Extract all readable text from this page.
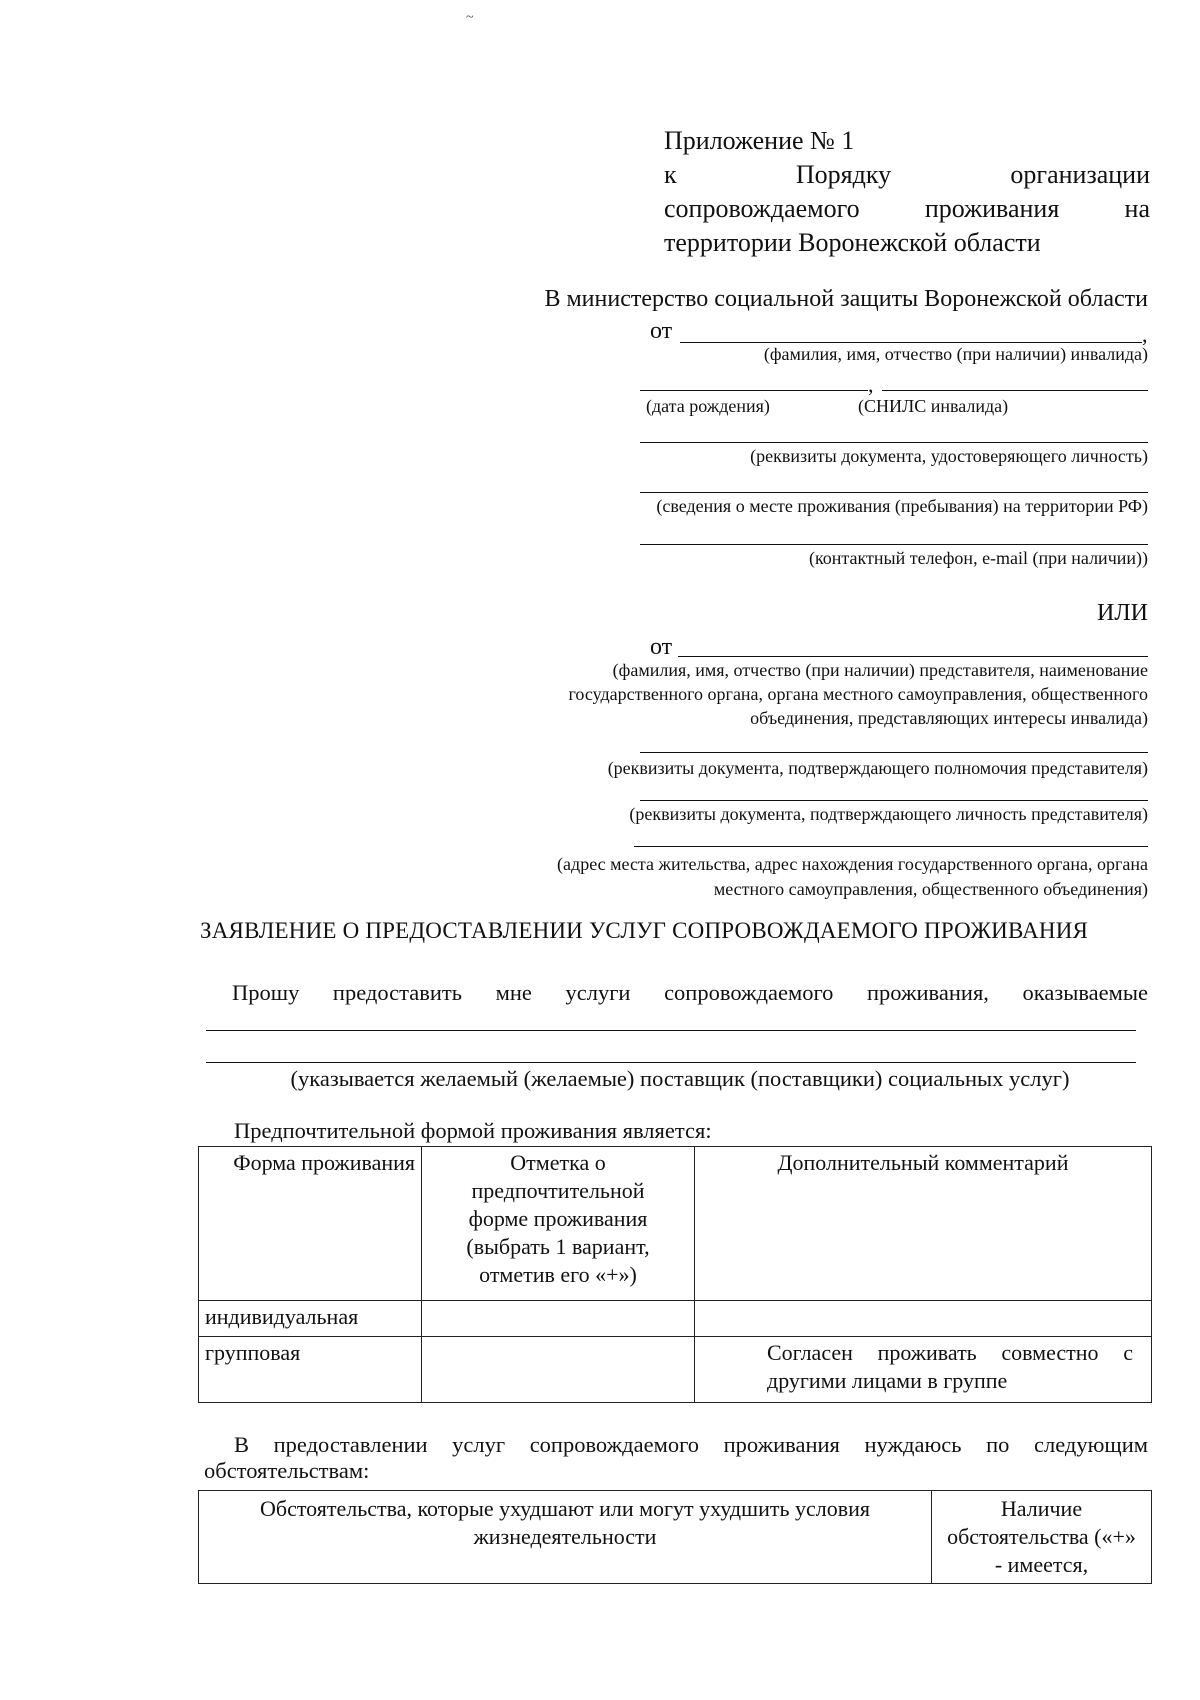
~
Приложение № 1
к	Порядку	организации
сопровождаемого	проживания	на
территории Воронежской области
В министерство социальной защиты Воронежской области
от	,
(фамилия, имя, отчество (при наличии) инвалида)
,
(дата рождения)	(СНИЛС инвалида)
(реквизиты документа, удостоверяющего личность)
(сведения о месте проживания (пребывания) на территории РФ)
(контактный телефон, e-mail (при наличии))
ИЛИ
от
(фамилия, имя, отчество (при наличии) представителя, наименование
государственного органа, органа местного самоуправления, общественного
объединения, представляющих интересы инвалида)
(реквизиты документа, подтверждающего полномочия представителя)
(реквизиты документа, подтверждающего личность представителя)
(адрес места жительства, адрес нахождения государственного органа, органа
местного самоуправления, общественного объединения)
ЗАЯВЛЕНИЕ О ПРЕДОСТАВЛЕНИИ УСЛУГ СОПРОВОЖДАЕМОГО ПРОЖИВАНИЯ
Прошу предоставить мне услуги сопровождаемого проживания, оказываемые
(указывается желаемый (желаемые) поставщик (поставщики) социальных услуг)
Предпочтительной формой проживания является:
Форма проживания	Отметка о предпочтительной форме проживания (выбрать 1 вариант, отметив его «+»)	Дополнительный комментарий
индивидуальная		
групповая		Согласен проживать совместно с другими лицами в группе
В предоставлении услуг сопровождаемого проживания нуждаюсь по следующим обстоятельствам:
Обстоятельства, которые ухудшают или могут ухудшить условия жизнедеятельности	Наличие обстоятельства («+» - имеется,
